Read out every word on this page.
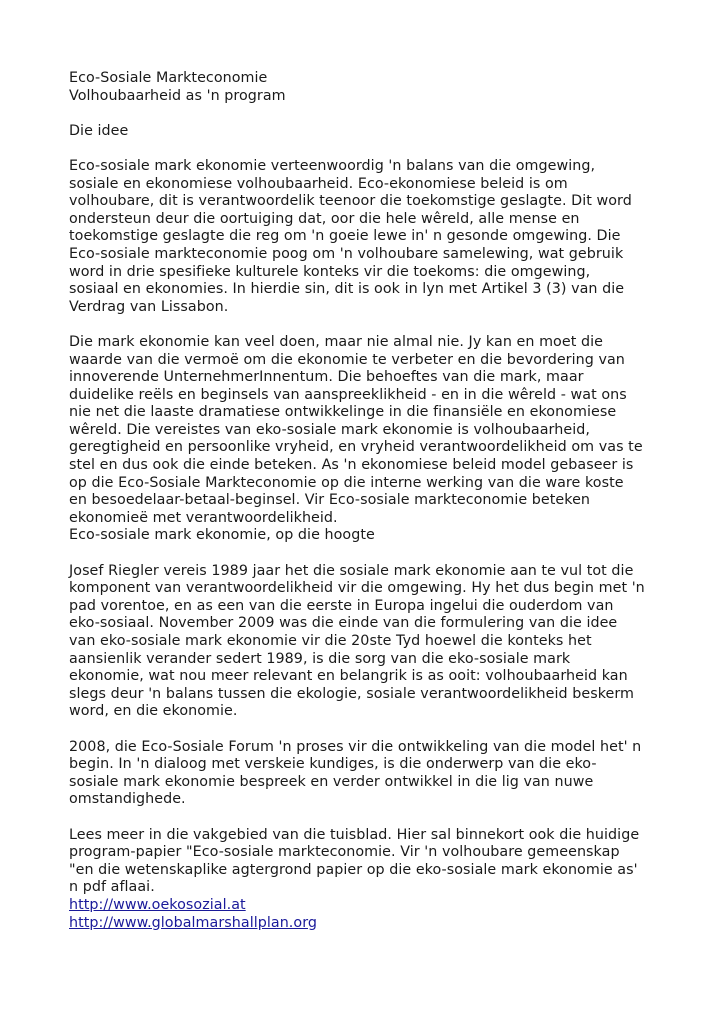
Eco-Sosiale Markteconomie
Volhoubaarheid as 'n program
Die idee
Eco-sosiale mark ekonomie verteenwoordig 'n balans van die omgewing,
sosiale en ekonomiese volhoubaarheid. Eco-ekonomiese beleid is om
volhoubare, dit is verantwoordelik teenoor die toekomstige geslagte. Dit word
ondersteun deur die oortuiging dat, oor die hele wêreld, alle mense en
toekomstige geslagte die reg om 'n goeie lewe in' n gesonde omgewing. Die
Eco-sosiale markteconomie poog om 'n volhoubare samelewing, wat gebruik
word in drie spesifieke kulturele konteks vir die toekoms: die omgewing,
sosiaal en ekonomies. In hierdie sin, dit is ook in lyn met Artikel 3 (3) van die
Verdrag van Lissabon.
Die mark ekonomie kan veel doen, maar nie almal nie. Jy kan en moet die
waarde van die vermoë om die ekonomie te verbeter en die bevordering van
innoverende UnternehmerInnentum. Die behoeftes van die mark, maar
duidelike reëls en beginsels van aanspreeklikheid - en in die wêreld - wat ons
nie net die laaste dramatiese ontwikkelinge in die finansiële en ekonomiese
wêreld. Die vereistes van eko-sosiale mark ekonomie is volhoubaarheid,
geregtigheid en persoonlike vryheid, en vryheid verantwoordelikheid om vas te
stel en dus ook die einde beteken. As 'n ekonomiese beleid model gebaseer is
op die Eco-Sosiale Markteconomie op die interne werking van die ware koste
en besoedelaar-betaal-beginsel. Vir Eco-sosiale markteconomie beteken
ekonomieë met verantwoordelikheid.
Eco-sosiale mark ekonomie, op die hoogte
Josef Riegler vereis 1989 jaar het die sosiale mark ekonomie aan te vul tot die
komponent van verantwoordelikheid vir die omgewing. Hy het dus begin met 'n
pad vorentoe, en as een van die eerste in Europa ingelui die ouderdom van
eko-sosiaal. November 2009 was die einde van die formulering van die idee
van eko-sosiale mark ekonomie vir die 20ste Tyd hoewel die konteks het
aansienlik verander sedert 1989, is die sorg van die eko-sosiale mark
ekonomie, wat nou meer relevant en belangrik is as ooit: volhoubaarheid kan
slegs deur 'n balans tussen die ekologie, sosiale verantwoordelikheid beskerm
word, en die ekonomie.
2008, die Eco-Sosiale Forum 'n proses vir die ontwikkeling van die model het' n
begin. In 'n dialoog met verskeie kundiges, is die onderwerp van die eko-
sosiale mark ekonomie bespreek en verder ontwikkel in die lig van nuwe
omstandighede.
Lees meer in die vakgebied van die tuisblad. Hier sal binnekort ook die huidige
program-papier "Eco-sosiale markteconomie. Vir 'n volhoubare gemeenskap
"en die wetenskaplike agtergrond papier op die eko-sosiale mark ekonomie as'
n pdf aflaai.
http://www.oekosozial.at
http://www.globalmarshallplan.org
